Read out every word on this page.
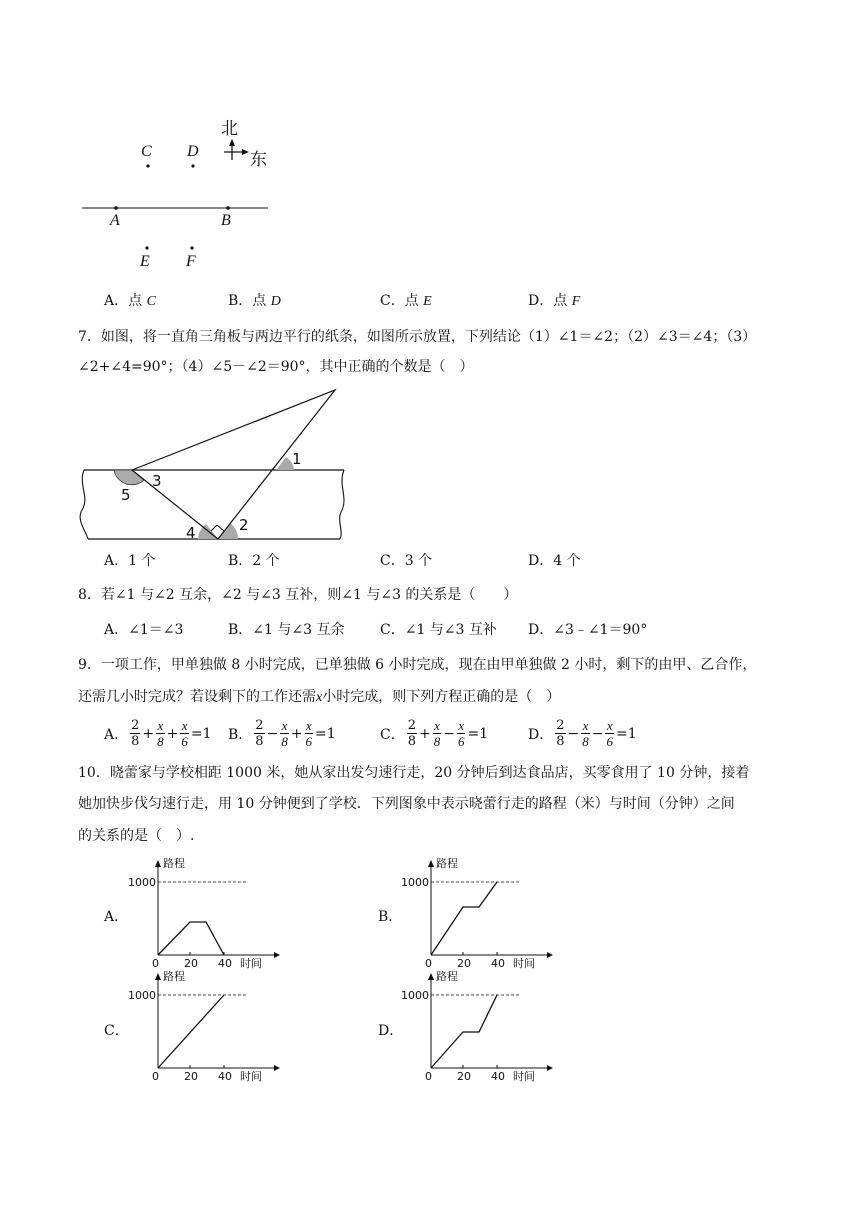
北
东
C D
A	B
E F
A．点 C	B．点 D	C．点 E	D．点 F
7．如图，将一直角三角板与两边平行的纸条，如图所示放置，下列结论（1）∠1＝∠2；（2）∠3＝∠4；（3）
∠2+∠4=90°；（4）∠5－∠2＝90°，其中正确的个数是（　）
1
2
3
4
5
A．1 个	B．2 个	C．3 个	D．4 个
8．若∠1 与∠2 互余，∠2 与∠3 互补，则∠1 与∠3 的关系是（　　）
A．∠1＝∠3	B．∠1 与∠3 互余	C．∠1 与∠3 互补 D．∠3﹣∠1＝90°
9．一项工作，甲单独做 8 小时完成，已单独做 6 小时完成，现在由甲单独做 2 小时，剩下的由甲、乙合作，
还需几小时完成？若设剩下的工作还需x小时完成，则下列方程正确的是（　）
A． $\frac{2}{8} + \frac{x}{8} + \frac{x}{6} =1$ B． $\frac{2}{8} - \frac{x}{8} + \frac{x}{6} =1$	C． $\frac{2}{8} + \frac{x}{8} - \frac{x}{6} =1$	D． $\frac{2}{8} - \frac{x}{8} - \frac{x}{6} =1$
10．晓蕾家与学校相距 1000 米，她从家出发匀速行走，20 分钟后到达食品店，买零食用了 10 分钟，接着
她加快步伐匀速行走，用 10 分钟便到了学校．下列图象中表示晓蕾行走的路程（米）与时间（分钟）之间
的关系的是（　）.
A．	B．
C．	D．
路程
1000
0 20 40 时间
路程
1000
0 20 40 时间
路程
1000
0 20 40 时间
路程
1000
0 20 40 时间
